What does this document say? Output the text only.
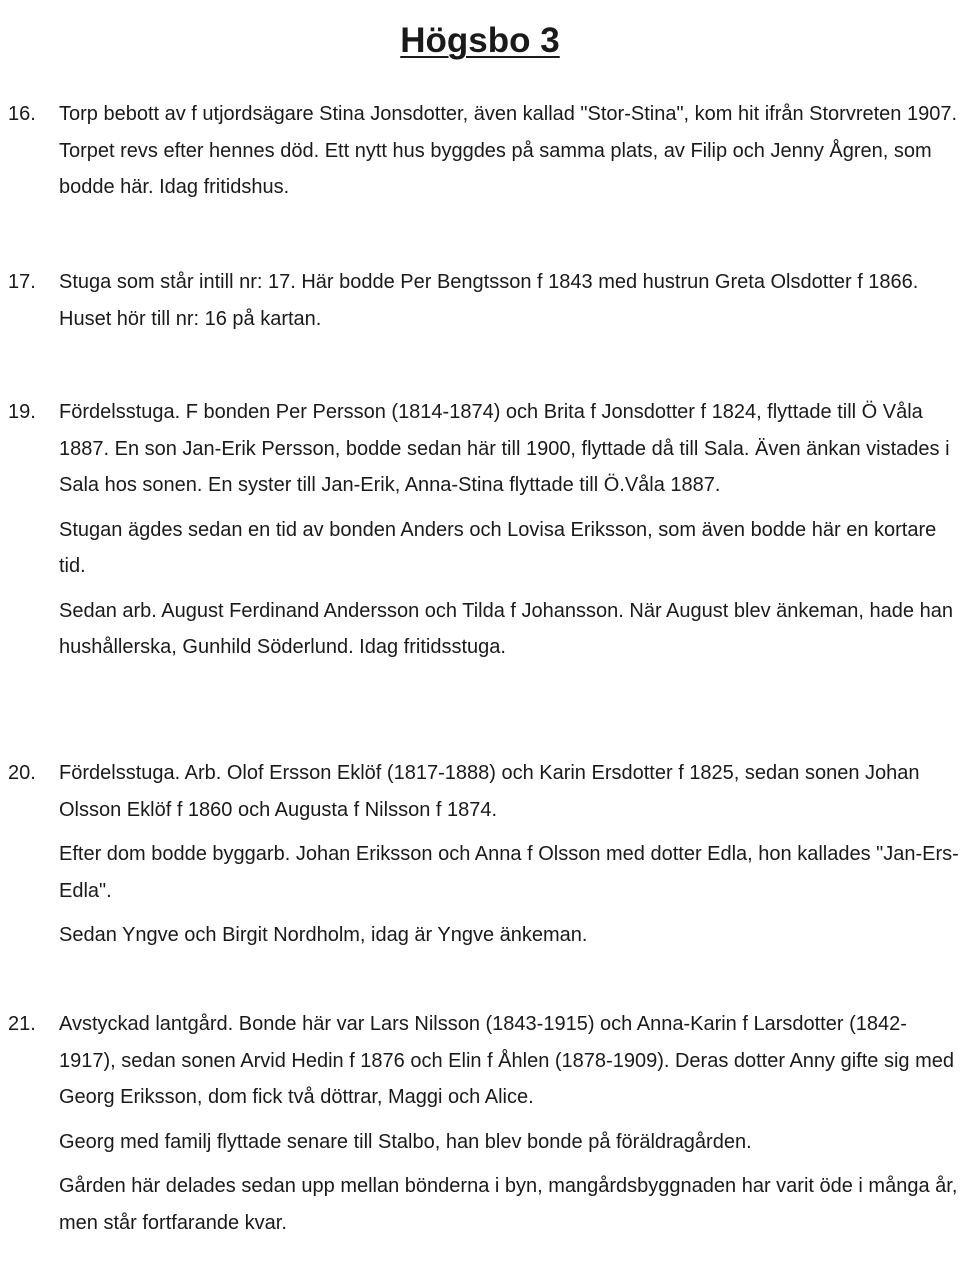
Högsbo 3
16. Torp bebott av f utjordsägare Stina Jonsdotter, även kallad "Stor-Stina", kom hit ifrån Storvreten 1907. Torpet revs efter hennes död. Ett nytt hus byggdes på samma plats, av Filip och Jenny Ågren, som bodde här. Idag fritidshus.

17. Stuga som står intill nr: 17. Här bodde Per Bengtsson f 1843 med hustrun Greta Olsdotter f 1866. Huset hör till nr: 16 på kartan.

19. Fördelsstuga. F bonden Per Persson (1814-1874) och Brita f Jonsdotter f 1824, flyttade till Ö Våla 1887. En son Jan-Erik Persson, bodde sedan här till 1900, flyttade då till Sala. Även änkan vistades i Sala hos sonen. En syster till Jan-Erik, Anna-Stina flyttade till Ö.Våla 1887.

Stugan ägdes sedan en tid av bonden Anders och Lovisa Eriksson, som även bodde här en kortare tid.

Sedan arb. August Ferdinand Andersson och Tilda f Johansson. När August blev änkeman, hade han hushållerska, Gunhild Söderlund. Idag fritidsstuga.

20. Fördelsstuga. Arb. Olof Ersson Eklöf (1817-1888) och Karin Ersdotter f 1825, sedan sonen Johan Olsson Eklöf f 1860 och Augusta f Nilsson f 1874.

Efter dom bodde byggarb. Johan Eriksson och Anna f Olsson med dotter Edla, hon kallades "Jan-Ers-Edla".

Sedan Yngve och Birgit Nordholm, idag är Yngve änkeman.

21. Avstyckad lantgård. Bonde här var Lars Nilsson (1843-1915) och Anna-Karin f Larsdotter (1842-1917), sedan sonen Arvid Hedin f 1876 och Elin f Åhlen (1878-1909). Deras dotter Anny gifte sig med Georg Eriksson, dom fick två döttrar, Maggi och Alice.

Georg med familj flyttade senare till Stalbo, han blev bonde på föräldragården.

Gården här delades sedan upp mellan bönderna i byn, mangårdsbyggnaden har varit öde i många år, men står fortfarande kvar.
